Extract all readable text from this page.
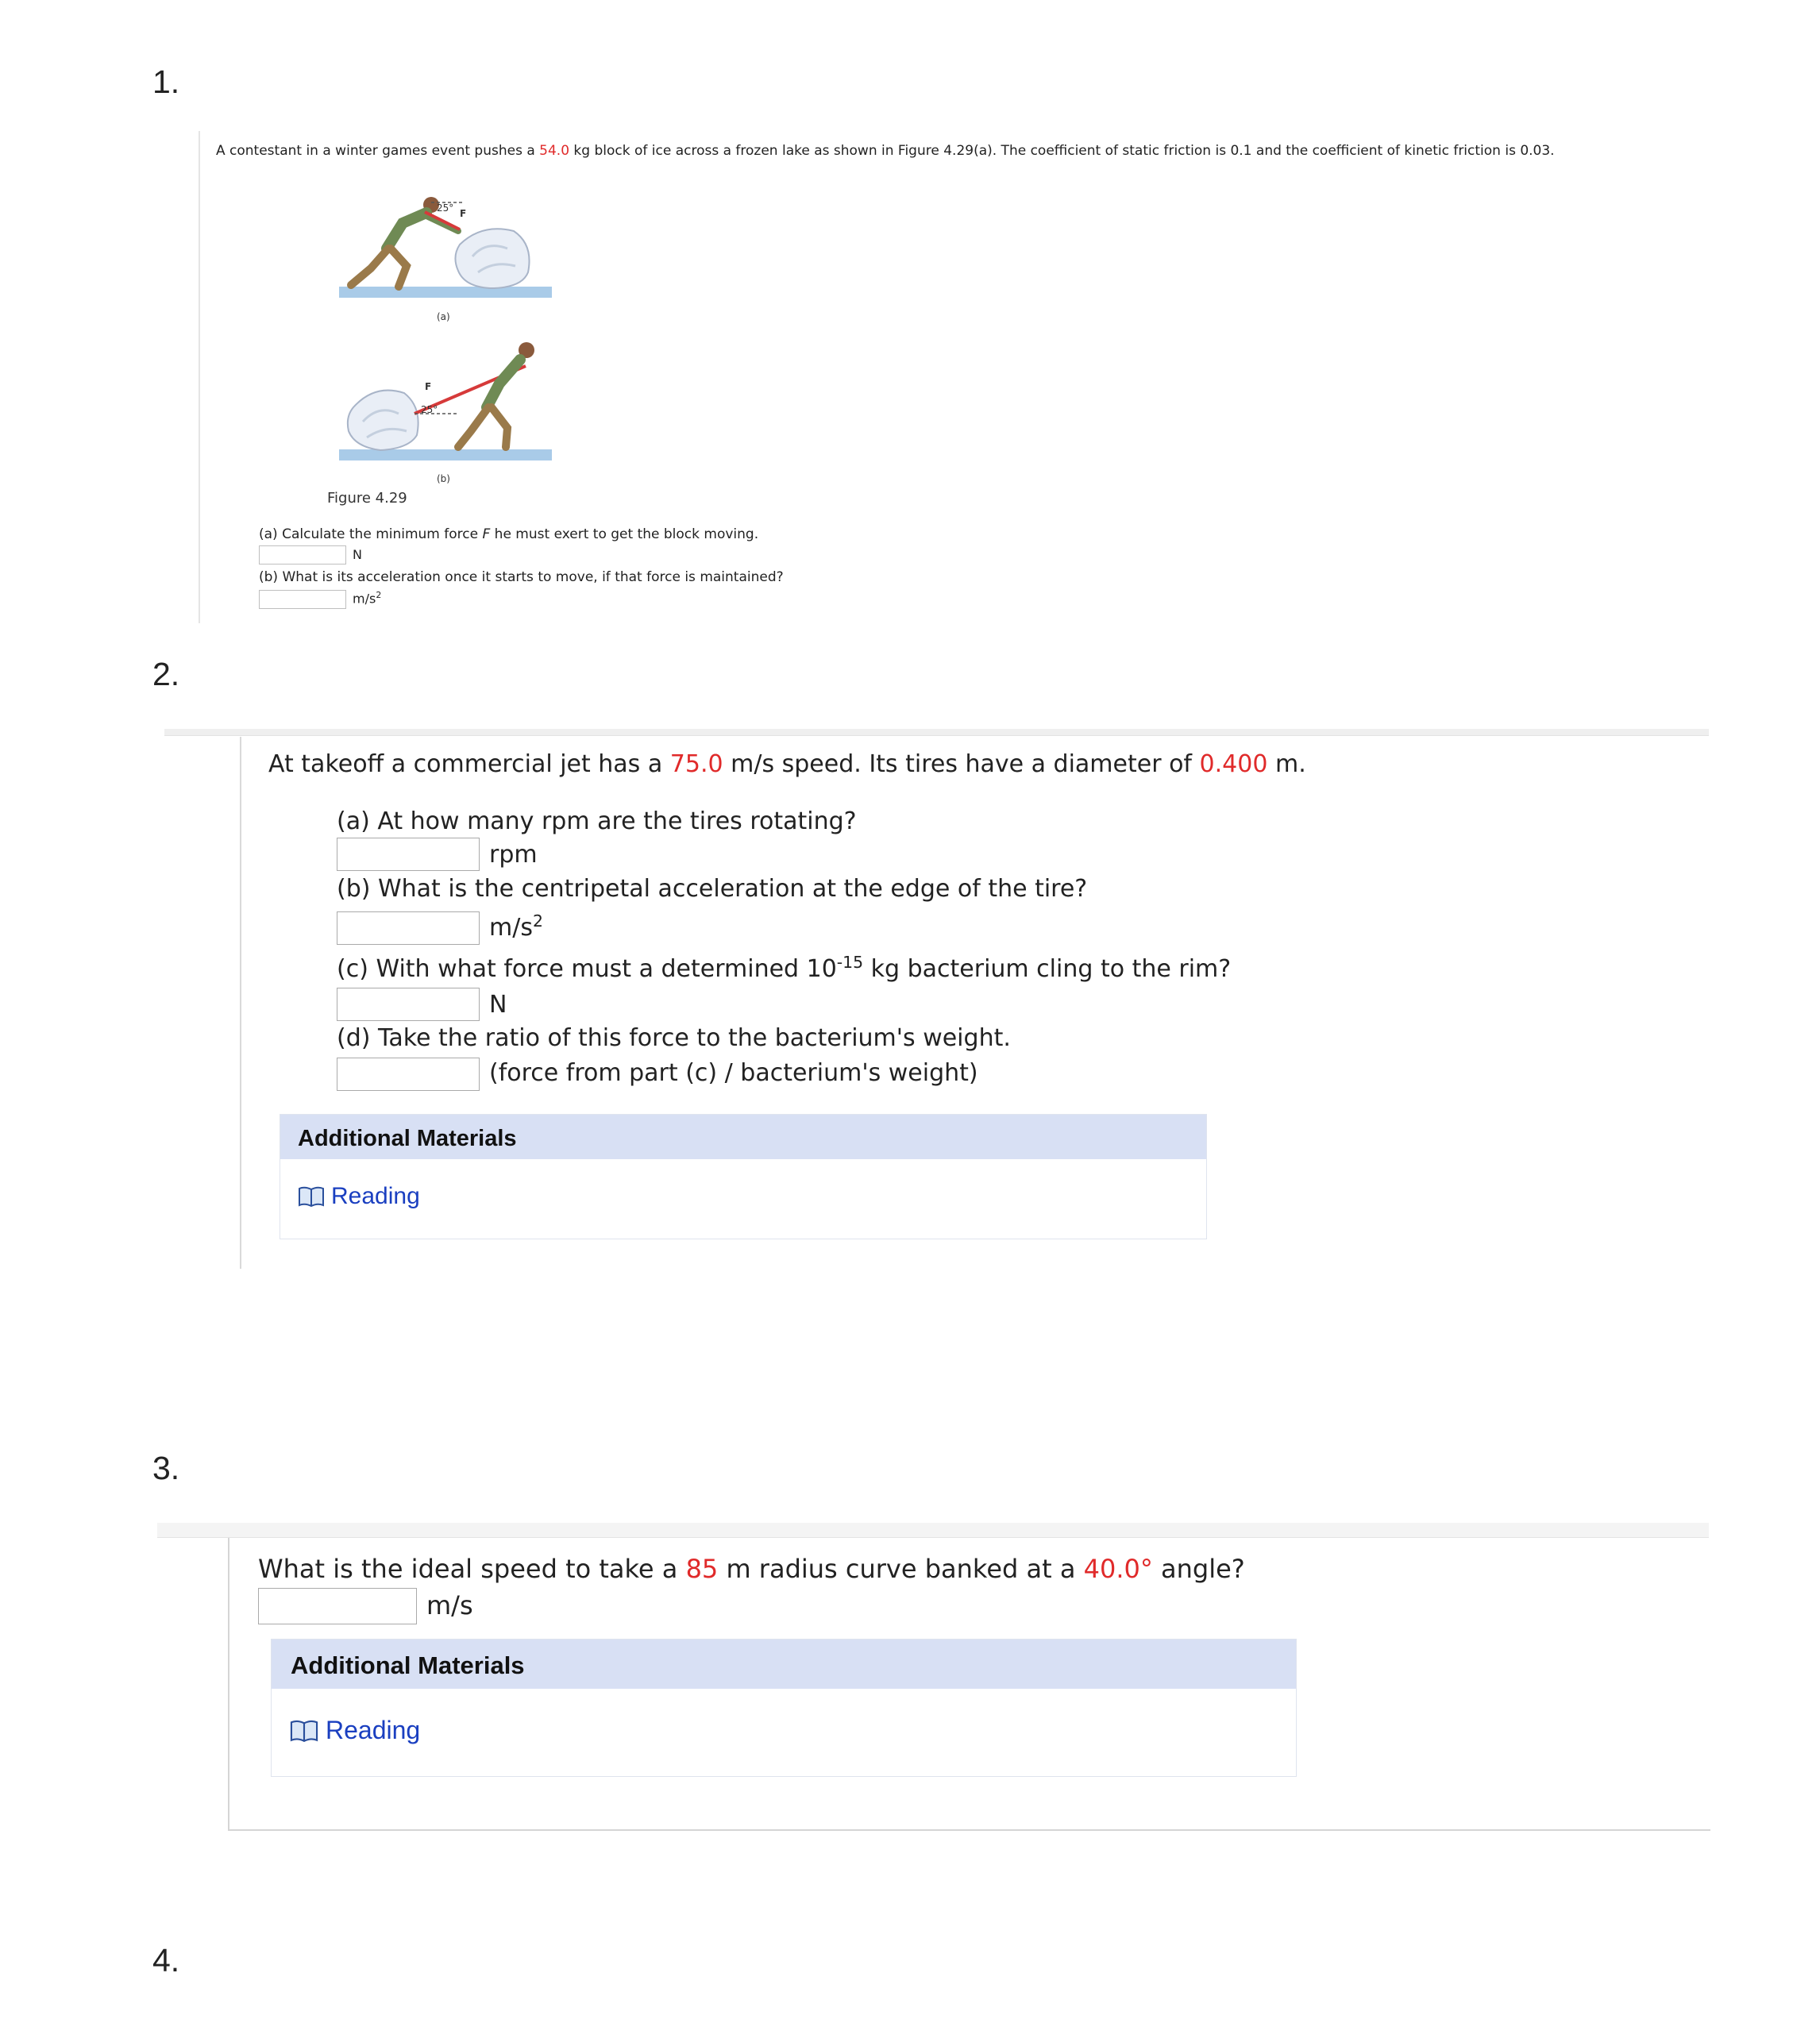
1.
2.
3.
4.
A contestant in a winter games event pushes a 54.0 kg block of ice across a frozen lake as shown in Figure 4.29(a). The coefficient of static friction is 0.1 and the coefficient of kinetic friction is 0.03.
25° F
(a)
25°
F
(b)
Figure 4.29
(a) Calculate the minimum force F he must exert to get the block moving.
N
(b) What is its acceleration once it starts to move, if that force is maintained?
$m/s^2$
At takeoff a commercial jet has a 75.0 m/s speed. Its tires have a diameter of 0.400 m.
(a) At how many rpm are the tires rotating?
rpm
(b) What is the centripetal acceleration at the edge of the tire?
$m/s^2$
(c) With what force must a determined $10^{-15}$ kg bacterium cling to the rim?
N
(d) Take the ratio of this force to the bacterium's weight.
(force from part (c) / bacterium's weight)
Additional Materials
Reading
What is the ideal speed to take a 85 m radius curve banked at a 40.0° angle?
m/s
Additional Materials
Reading
